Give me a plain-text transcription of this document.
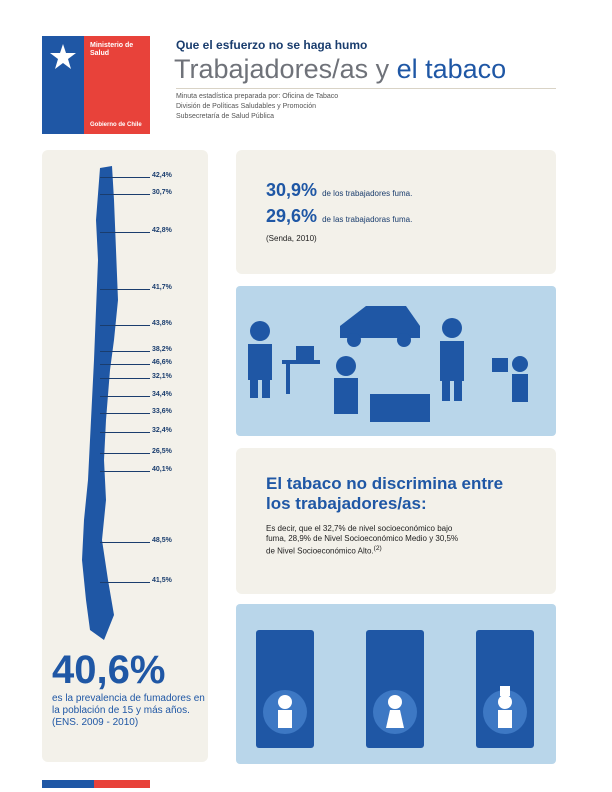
Ministerio de
Salud
Gobierno de Chile
Que el esfuerzo no se haga humo
Trabajadores/as y el tabaco
Minuta estadística preparada por: Oficina de Tabaco
División de Políticas Saludables y Promoción
Subsecretaría de Salud Pública
42,4%
30,7%
42,8%
41,7%
43,8%
38,2%
46,6%
32,1%
34,4%
33,6%
32,4%
26,5%
40,1%
48,5%
41,5%
40,6%
es la prevalencia de fumadores en
la población de 15 y más años.
(ENS. 2009 - 2010)
30,9% de los trabajadores fuma.
29,6% de las trabajadoras fuma.
(Senda, 2010)
El tabaco no discrimina entre
los trabajadores/as:
Es decir, que el 32,7% de nivel socioeconómico bajo
fuma, 28,9% de Nivel Socioeconómico Medio y 30,5%
de Nivel Socioeconómico Alto.$^{(2)}$
